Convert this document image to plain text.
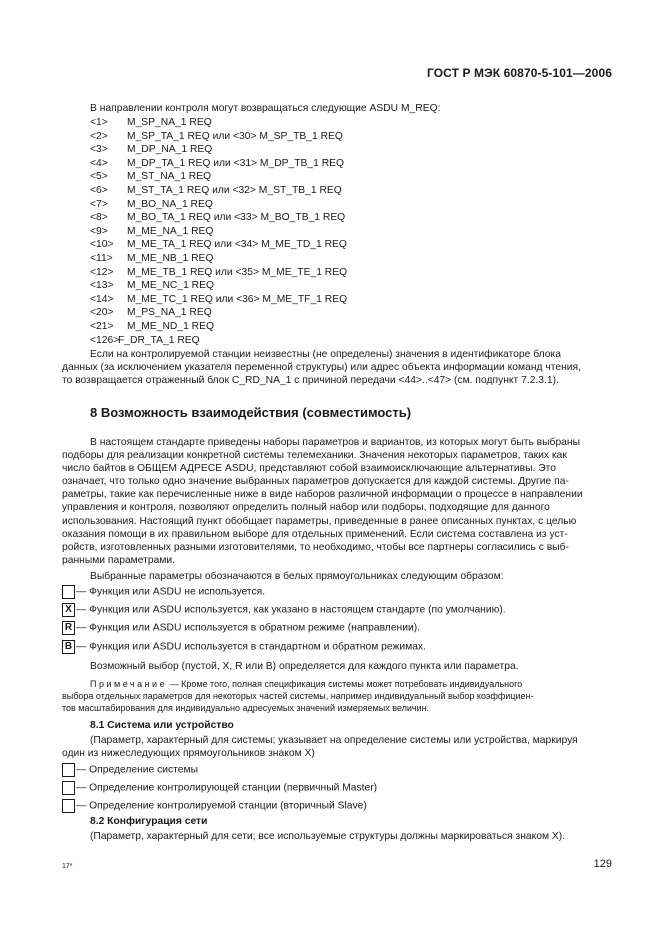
ГОСТ Р МЭК 60870-5-101—2006
В направлении контроля могут возвращаться следующие ASDU M_REQ:
<1> M_SP_NA_1 REQ
<2> M_SP_TA_1 REQ или <30> M_SP_TB_1 REQ
<3> M_DP_NA_1 REQ
<4> M_DP_TA_1 REQ или <31> M_DP_TB_1 REQ
<5> M_ST_NA_1 REQ
<6> M_ST_TA_1 REQ или <32> M_ST_TB_1 REQ
<7> M_BO_NA_1 REQ
<8> M_BO_TA_1 REQ или <33> M_BO_TB_1 REQ
<9> M_ME_NA_1 REQ
<10> M_ME_TA_1 REQ или <34> M_ME_TD_1 REQ
<11> M_ME_NB_1 REQ
<12> M_ME_TB_1 REQ или <35> M_ME_TE_1 REQ
<13> M_ME_NC_1 REQ
<14> M_ME_TC_1 REQ или <36> M_ME_TF_1 REQ
<20> M_PS_NA_1 REQ
<21> M_ME_ND_1 REQ
<126>F_DR_TA_1 REQ
Если на контролируемой станции неизвестны (не определены) значения в идентификаторе блока
данных (за исключением указателя переменной структуры) или адрес объекта информации команд чтения,
то возвращается отраженный блок C_RD_NA_1 с причиной передачи <44>..<47> (см. подпункт 7.2.3.1).
8 Возможность взаимодействия (совместимость)
В настоящем стандарте приведены наборы параметров и вариантов, из которых могут быть выбраны
подборы для реализации конкретной системы телемеханики. Значения некоторых параметров, таких как
число байтов в ОБЩЕМ АДРЕСЕ ASDU, представляют собой взаимоисключающие альтернативы. Это
означает, что только одно значение выбранных параметров допускается для каждой системы. Другие па-
раметры, такие как перечисленные ниже в виде наборов различной информации о процессе в направлении
управления и контроля, позволяют определить полный набор или подборы, подходящие для данного
использования. Настоящий пункт обобщает параметры, приведенные в ранее описанных пунктах, с целью
оказания помощи в их правильном выборе для отдельных применений. Если система составлена из уст-
ройств, изготовленных разными изготовителями, то необходимо, чтобы все партнеры согласились с выб-
ранными параметрами.
Выбранные параметры обозначаются в белых прямоугольниках следующим образом:
— Функция или ASDU не используется.
X — Функция или ASDU используется, как указано в настоящем стандарте (по умолчанию).
R — Функция или ASDU используется в обратном режиме (направлении).
B — Функция или ASDU используется в стандартном и обратном режимах.
Возможный выбор (пустой, X, R или B) определяется для каждого пункта или параметра.
Примечание — Кроме того, полная спецификация системы может потребовать индивидуального
выбора отдельных параметров для некоторых частей системы, например индивидуальный выбор коэффициен-
тов масштабирования для индивидуально адресуемых значений измеряемых величин.
8.1 Система или устройство
(Параметр, характерный для системы; указывает на определение системы или устройства, маркируя
один из нижеследующих прямоугольников знаком X)
— Определение системы
— Определение контролирующей станции (первичный Master)
— Определение контролируемой станции (вторичный Slave)
8.2 Конфигурация сети
(Параметр, характерный для сети; все используемые структуры должны маркироваться знаком X).
17*	129
